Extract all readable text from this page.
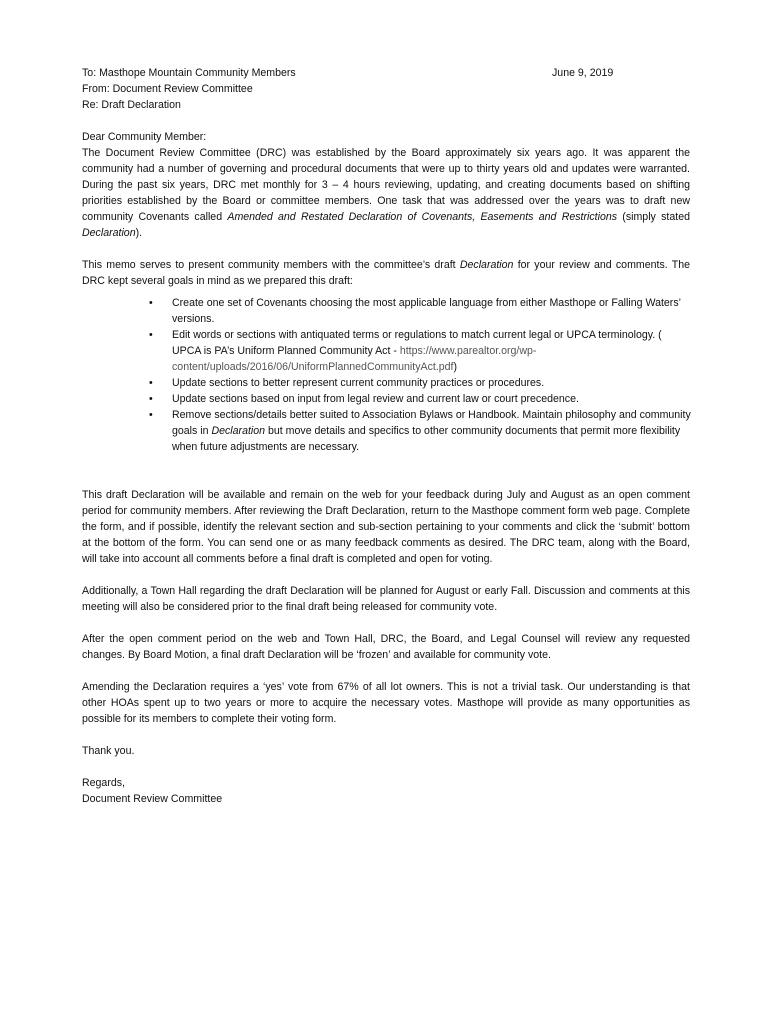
To: Masthope Mountain Community Members	June 9, 2019
From: Document Review Committee
Re: Draft Declaration
Dear Community Member:

The Document Review Committee (DRC) was established by the Board approximately six years ago. It was apparent the community had a number of governing and procedural documents that were up to thirty years old and updates were warranted. During the past six years, DRC met monthly for 3 – 4 hours reviewing, updating, and creating documents based on shifting priorities established by the Board or committee members. One task that was addressed over the years was to draft new community Covenants called Amended and Restated Declaration of Covenants, Easements and Restrictions (simply stated Declaration).

This memo serves to present community members with the committee’s draft Declaration for your review and comments. The DRC kept several goals in mind as we prepared this draft:

• Create one set of Covenants choosing the most applicable language from either Masthope or Falling Waters’ versions.
• Edit words or sections with antiquated terms or regulations to match current legal or UPCA terminology. ( UPCA is PA’s Uniform Planned Community Act - https://www.parealtor.org/wp-content/uploads/2016/06/UniformPlannedCommunityAct.pdf)
• Update sections to better represent current community practices or procedures.
• Update sections based on input from legal review and current law or court precedence.
• Remove sections/details better suited to Association Bylaws or Handbook. Maintain philosophy and community goals in Declaration but move details and specifics to other community documents that permit more flexibility when future adjustments are necessary.

This draft Declaration will be available and remain on the web for your feedback during July and August as an open comment period for community members. After reviewing the Draft Declaration, return to the Masthope comment form web page. Complete the form, and if possible, identify the relevant section and sub-section pertaining to your comments and click the ‘submit’ bottom at the bottom of the form. You can send one or as many feedback comments as desired. The DRC team, along with the Board, will take into account all comments before a final draft is completed and open for voting.

Additionally, a Town Hall regarding the draft Declaration will be planned for August or early Fall. Discussion and comments at this meeting will also be considered prior to the final draft being released for community vote.

After the open comment period on the web and Town Hall, DRC, the Board, and Legal Counsel will review any requested changes. By Board Motion, a final draft Declaration will be ‘frozen’ and available for community vote.

Amending the Declaration requires a ‘yes’ vote from 67% of all lot owners. This is not a trivial task. Our understanding is that other HOAs spent up to two years or more to acquire the necessary votes. Masthope will provide as many opportunities as possible for its members to complete their voting form.

Thank you.

Regards,
Document Review Committee
